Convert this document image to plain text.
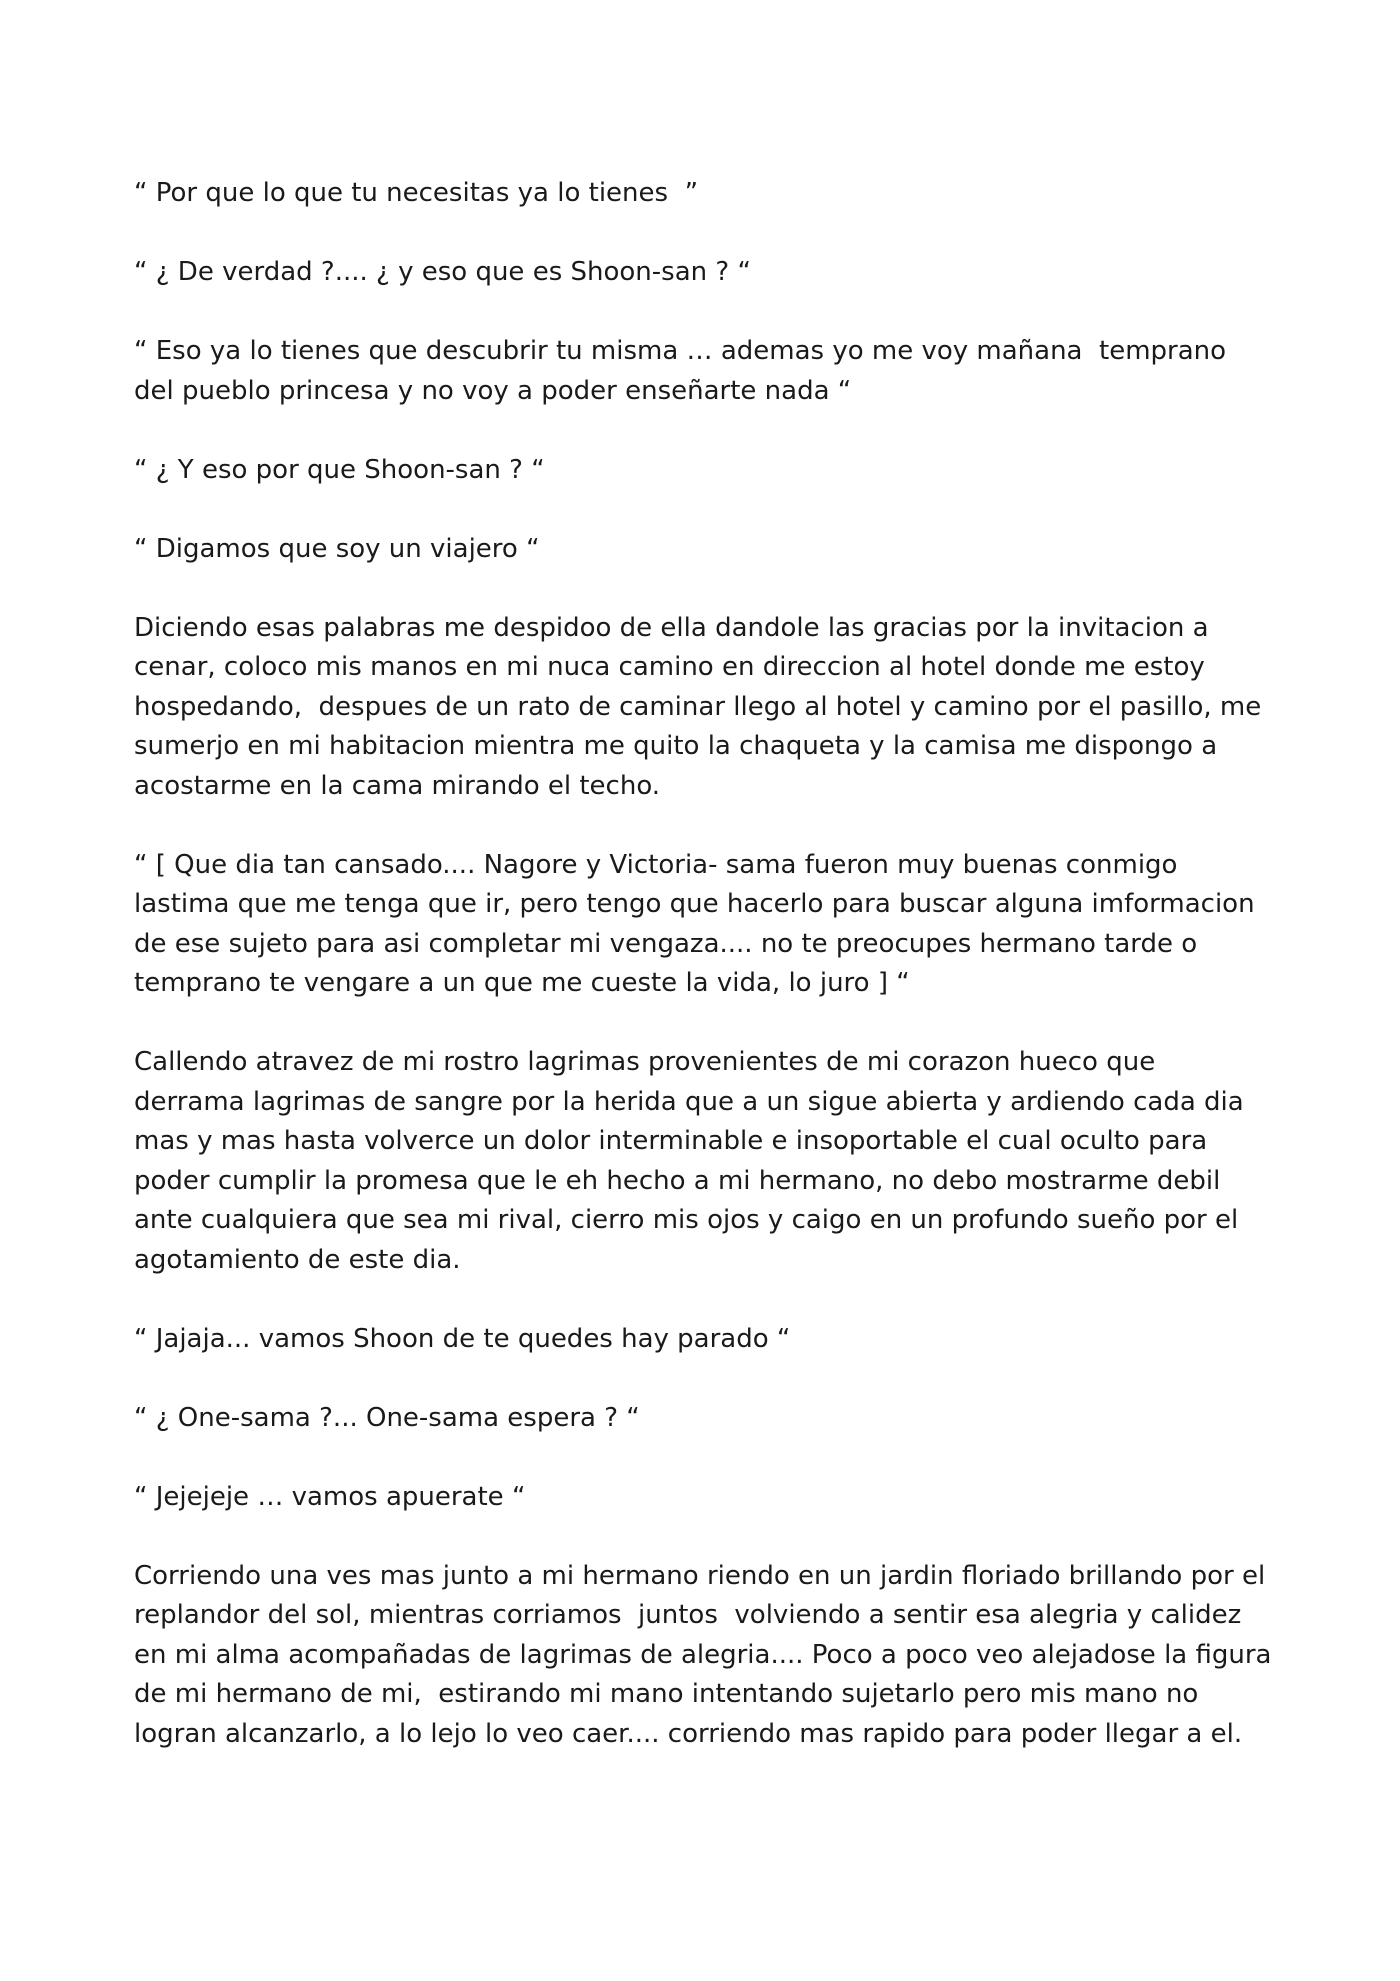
“ Por que lo que tu necesitas ya lo tienes  ”

“ ¿ De verdad ?.... ¿ y eso que es Shoon-san ? “

“ Eso ya lo tienes que descubrir tu misma … ademas yo me voy mañana  temprano del pueblo princesa y no voy a poder enseñarte nada “

“ ¿ Y eso por que Shoon-san ? “

“ Digamos que soy un viajero “

Diciendo esas palabras me despidoo de ella dandole las gracias por la invitacion a cenar, coloco mis manos en mi nuca camino en direccion al hotel donde me estoy hospedando,  despues de un rato de caminar llego al hotel y camino por el pasillo, me sumerjo en mi habitacion mientra me quito la chaqueta y la camisa me dispongo a acostarme en la cama mirando el techo.

“ [ Que dia tan cansado.... Nagore y Victoria- sama fueron muy buenas conmigo lastima que me tenga que ir, pero tengo que hacerlo para buscar alguna imformacion de ese sujeto para asi completar mi vengaza.... no te preocupes hermano tarde o temprano te vengare a un que me cueste la vida, lo juro ] “

Callendo atravez de mi rostro lagrimas provenientes de mi corazon hueco que derrama lagrimas de sangre por la herida que a un sigue abierta y ardiendo cada dia mas y mas hasta volverce un dolor interminable e insoportable el cual oculto para poder cumplir la promesa que le eh hecho a mi hermano, no debo mostrarme debil ante cualquiera que sea mi rival, cierro mis ojos y caigo en un profundo sueño por el agotamiento de este dia.

“ Jajaja... vamos Shoon de te quedes hay parado “

“ ¿ One-sama ?... One-sama espera ? “

“ Jejejeje … vamos apuerate “

Corriendo una ves mas junto a mi hermano riendo en un jardin floriado brillando por el replandor del sol, mientras corriamos  juntos  volviendo a sentir esa alegria y calidez en mi alma acompañadas de lagrimas de alegria.... Poco a poco veo alejadose la figura de mi hermano de mi,  estirando mi mano intentando sujetarlo pero mis mano no logran alcanzarlo, a lo lejo lo veo caer.... corriendo mas rapido para poder llegar a el.
